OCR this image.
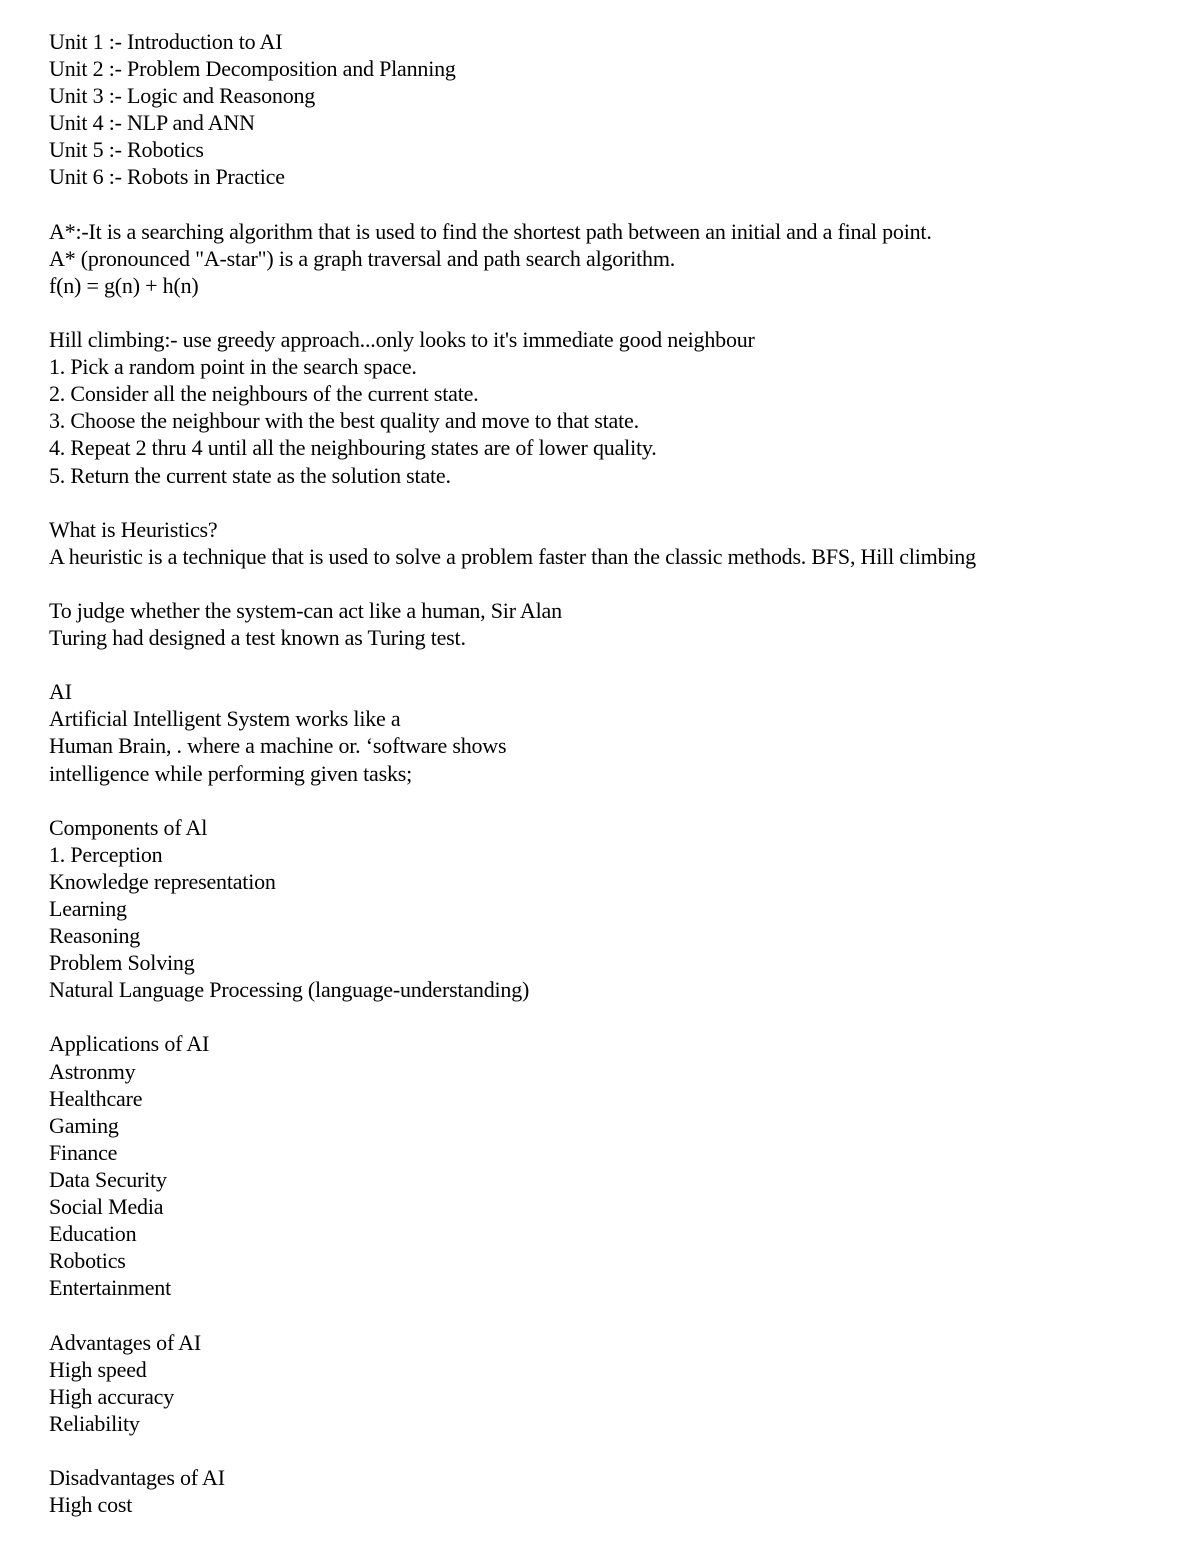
Unit 1 :- Introduction to AI
Unit 2 :- Problem Decomposition and Planning
Unit 3 :- Logic and Reasonong
Unit 4 :- NLP and ANN
Unit 5 :- Robotics
Unit 6 :- Robots in Practice
A*:-It is a searching algorithm that is used to find the shortest path between an initial and a final point.
A* (pronounced "A-star") is a graph traversal and path search algorithm.
f(n) = g(n) + h(n)
Hill climbing:- use greedy approach...only looks to it's immediate good neighbour
1. Pick a random point in the search space.
2. Consider all the neighbours of the current state.
3. Choose the neighbour with the best quality and move to that state.
4. Repeat 2 thru 4 until all the neighbouring states are of lower quality.
5. Return the current state as the solution state.
What is Heuristics?
A heuristic is a technique that is used to solve a problem faster than the classic methods. BFS, Hill climbing
To judge whether the system-can act like a human, Sir Alan
Turing had designed a test known as Turing test.
AI
Artificial Intelligent System works like a
Human Brain, . where a machine or. ‘software shows
intelligence while performing given tasks;
Components of Al
1. Perception
Knowledge representation
Learning
Reasoning
Problem Solving
Natural Language Processing (language-understanding)
Applications of AI
Astronmy
Healthcare
Gaming
Finance
Data Security
Social Media
Education
Robotics
Entertainment
Advantages of AI
High speed
High accuracy
Reliability
Disadvantages of AI
High cost
